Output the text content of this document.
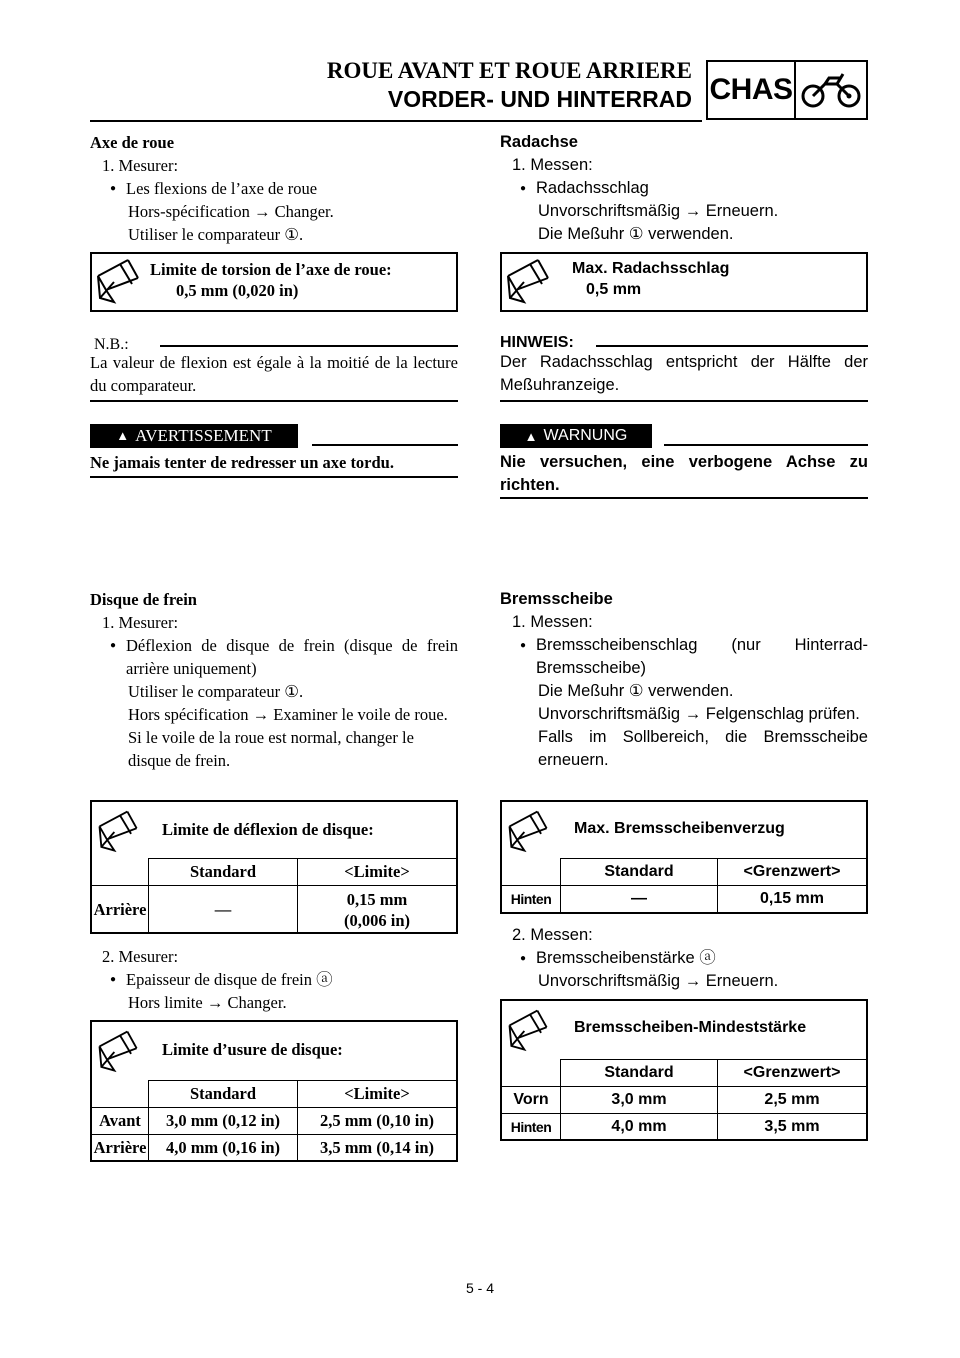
ROUE AVANT ET ROUE ARRIERE
VORDER- UND HINTERRAD CHAS
Axe de roue
1. Mesurer:
● Les flexions de l’axe de roue
Hors-spécification → Changer.
Utiliser le comparateur ①.
Limite de torsion de l’axe de roue:
0,5 mm (0,020 in)
N.B.:
La valeur de flexion est égale à la moitié de la lecture du comparateur.
▲ AVERTISSEMENT
Ne jamais tenter de redresser un axe tordu.
Disque de frein
1. Mesurer:
● Déflexion de disque de frein (disque de frein arrière uniquement)
Utiliser le comparateur ①.
Hors spécification → Examiner le voile de roue.
Si le voile de la roue est normal, changer le disque de frein.
Limite de déflexion de disque:
	Standard	<Limite>
Arrière	—	0,15 mm
(0,006 in)
2. Mesurer:
● Epaisseur de disque de frein ⓐ
Hors limite → Changer.
Limite d’usure de disque:
	Standard	<Limite>
Avant	3,0 mm (0,12 in)	2,5 mm (0,10 in)
Arrière	4,0 mm (0,16 in)	3,5 mm (0,14 in)
Radachse
1. Messen:
● Radachsschlag
Unvorschriftsmäßig → Erneuern.
Die Meßuhr ① verwenden.
Max. Radachsschlag
0,5 mm
HINWEIS:
Der Radachsschlag entspricht der Hälfte der Meßuhranzeige.
▲ WARNUNG
Nie versuchen, eine verbogene Achse zu richten.
Bremsscheibe
1. Messen:
● Bremsscheibenschlag (nur Hinterrad-Bremsscheibe)
Die Meßuhr ① verwenden.
Unvorschriftsmäßig → Felgenschlag prüfen.
Falls im Sollbereich, die Bremsscheibe erneuern.
Max. Bremsscheibenverzug
	Standard	<Grenzwert>
Hinten	—	0,15 mm
2. Messen:
● Bremsscheibenstärke ⓐ
Unvorschriftsmäßig → Erneuern.
Bremsscheiben-Mindeststärke
	Standard	<Grenzwert>
Vorn	3,0 mm	2,5 mm
Hinten	4,0 mm	3,5 mm
5 - 4
